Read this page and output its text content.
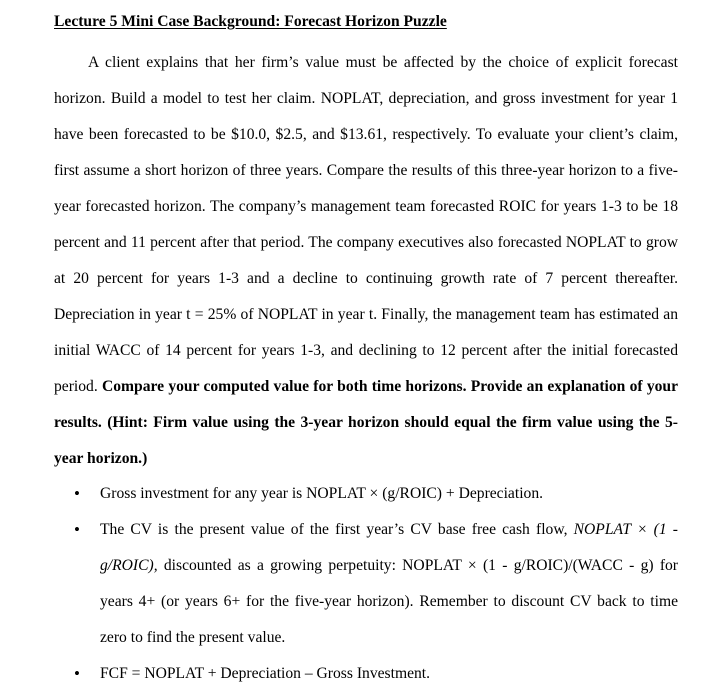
Lecture 5 Mini Case Background: Forecast Horizon Puzzle

A client explains that her firm’s value must be affected by the choice of explicit forecast horizon. Build a model to test her claim. NOPLAT, depreciation, and gross investment for year 1 have been forecasted to be $10.0, $2.5, and $13.61, respectively. To evaluate your client’s claim, first assume a short horizon of three years. Compare the results of this three-year horizon to a five-year forecasted horizon. The company’s management team forecasted ROIC for years 1-3 to be 18 percent and 11 percent after that period. The company executives also forecasted NOPLAT to grow at 20 percent for years 1-3 and a decline to continuing growth rate of 7 percent thereafter. Depreciation in year t = 25% of NOPLAT in year t. Finally, the management team has estimated an initial WACC of 14 percent for years 1-3, and declining to 12 percent after the initial forecasted period. Compare your computed value for both time horizons. Provide an explanation of your results. (Hint: Firm value using the 3-year horizon should equal the firm value using the 5-year horizon.)

• Gross investment for any year is NOPLAT × (g/ROIC) + Depreciation.
• The CV is the present value of the first year’s CV base free cash flow, NOPLAT × (1 - g/ROIC), discounted as a growing perpetuity: NOPLAT × (1 - g/ROIC)/(WACC - g) for years 4+ (or years 6+ for the five-year horizon). Remember to discount CV back to time zero to find the present value.
• FCF = NOPLAT + Depreciation – Gross Investment.
